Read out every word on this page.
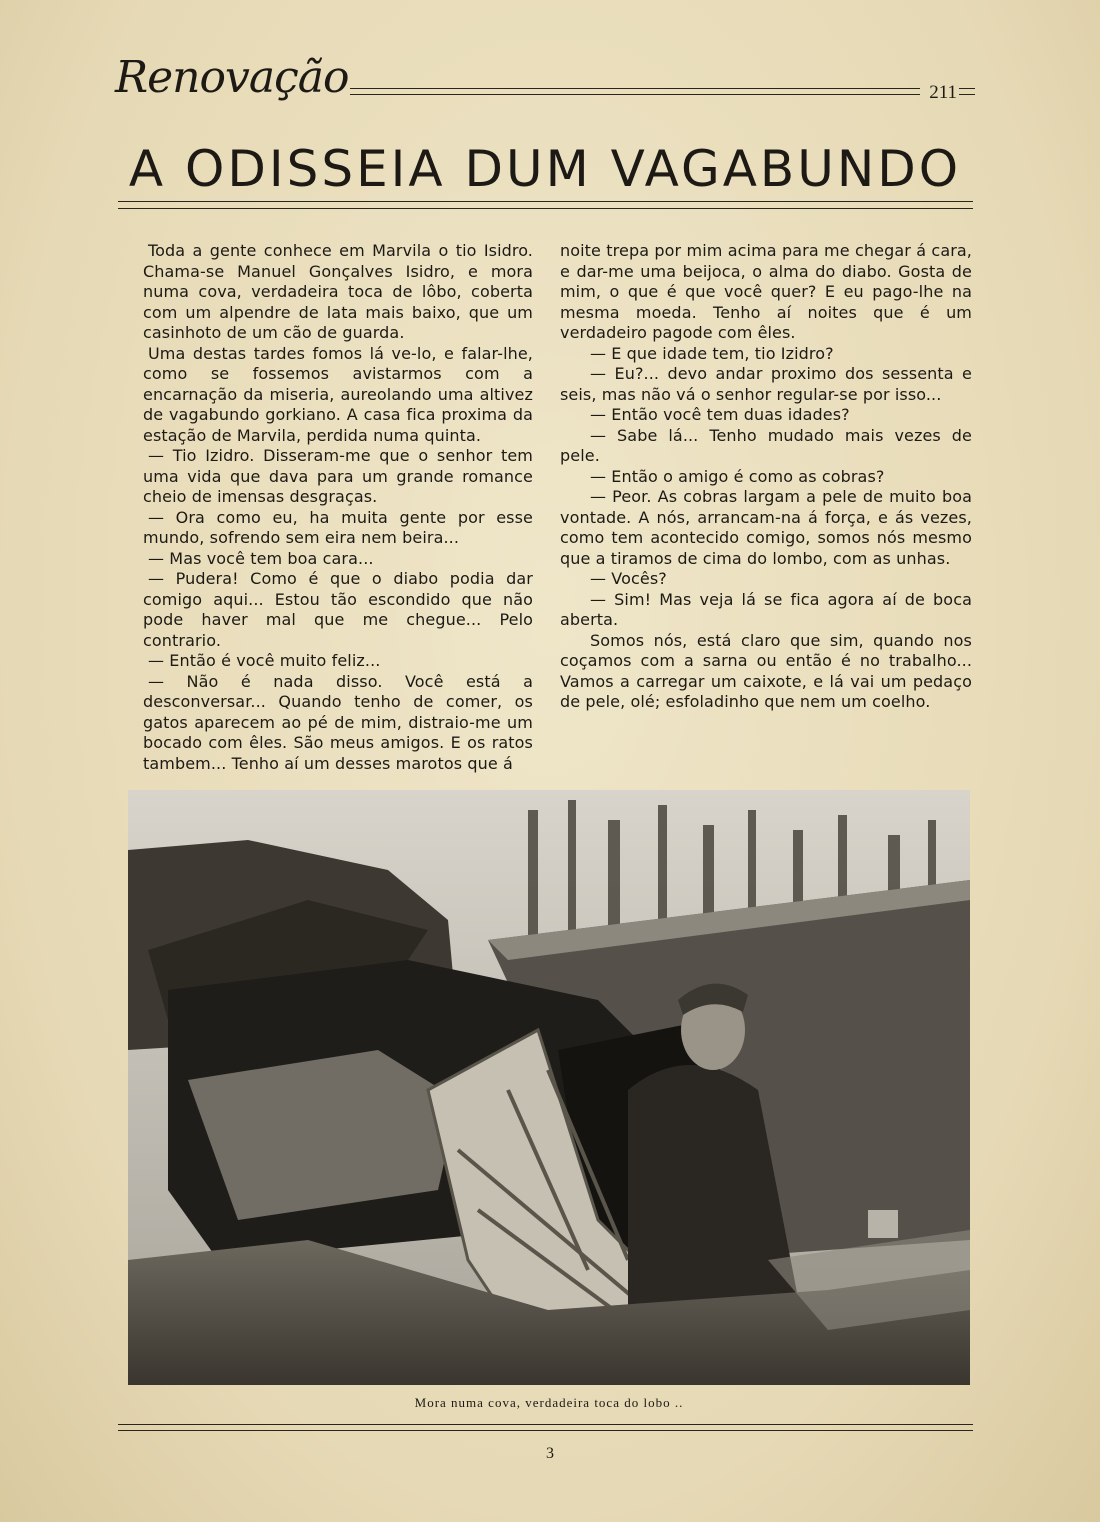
Renovação	211
A ODISSEIA DUM VAGABUNDO

Toda a gente conhece em Marvila o tio Isidro. Chama-se Manuel Gonçalves Isidro, e mora numa cova, verdadeira toca de lôbo, coberta com um alpendre de lata mais baixo, que um casinhoto de um cão de guarda.

Uma destas tardes fomos lá ve-lo, e falar-lhe, como se fossemos avistarmos com a encarnação da miseria, aureolando uma altivez de vagabundo gorkiano. A casa fica proxima da estação de Marvila, perdida numa quinta.

— Tio Izidro. Disseram-me que o senhor tem uma vida que dava para um grande romance cheio de imensas desgraças.

— Ora como eu, ha muita gente por esse mundo, sofrendo sem eira nem beira...

— Mas você tem boa cara...

— Pudera! Como é que o diabo podia dar comigo aqui... Estou tão escondido que não pode haver mal que me chegue... Pelo contrario.

— Então é você muito feliz...

— Não é nada disso. Você está a desconversar... Quando tenho de comer, os gatos aparecem ao pé de mim, distraio-me um bocado com êles. São meus amigos. E os ratos tambem... Tenho aí um desses marotos que á

noite trepa por mim acima para me chegar á cara, e dar-me uma beijoca, o alma do diabo. Gosta de mim, o que é que você quer? E eu pago-lhe na mesma moeda. Tenho aí noites que é um verdadeiro pagode com êles.

— E que idade tem, tio Izidro?

— Eu?... devo andar proximo dos sessenta e seis, mas não vá o senhor regular-se por isso...

— Então você tem duas idades?

— Sabe lá... Tenho mudado mais vezes de pele.

— Então o amigo é como as cobras?

— Peor. As cobras largam a pele de muito boa vontade. A nós, arrancam-na á força, e ás vezes, como tem acontecido comigo, somos nós mesmo que a tiramos de cima do lombo, com as unhas.

— Vocês?

— Sim! Mas veja lá se fica agora aí de boca aberta.

Somos nós, está claro que sim, quando nos coçamos com a sarna ou então é no trabalho... Vamos a carregar um caixote, e lá vai um pedaço de pele, olé; esfoladinho que nem um coelho.

Mora numa cova, verdadeira toca do lobo ..
3
